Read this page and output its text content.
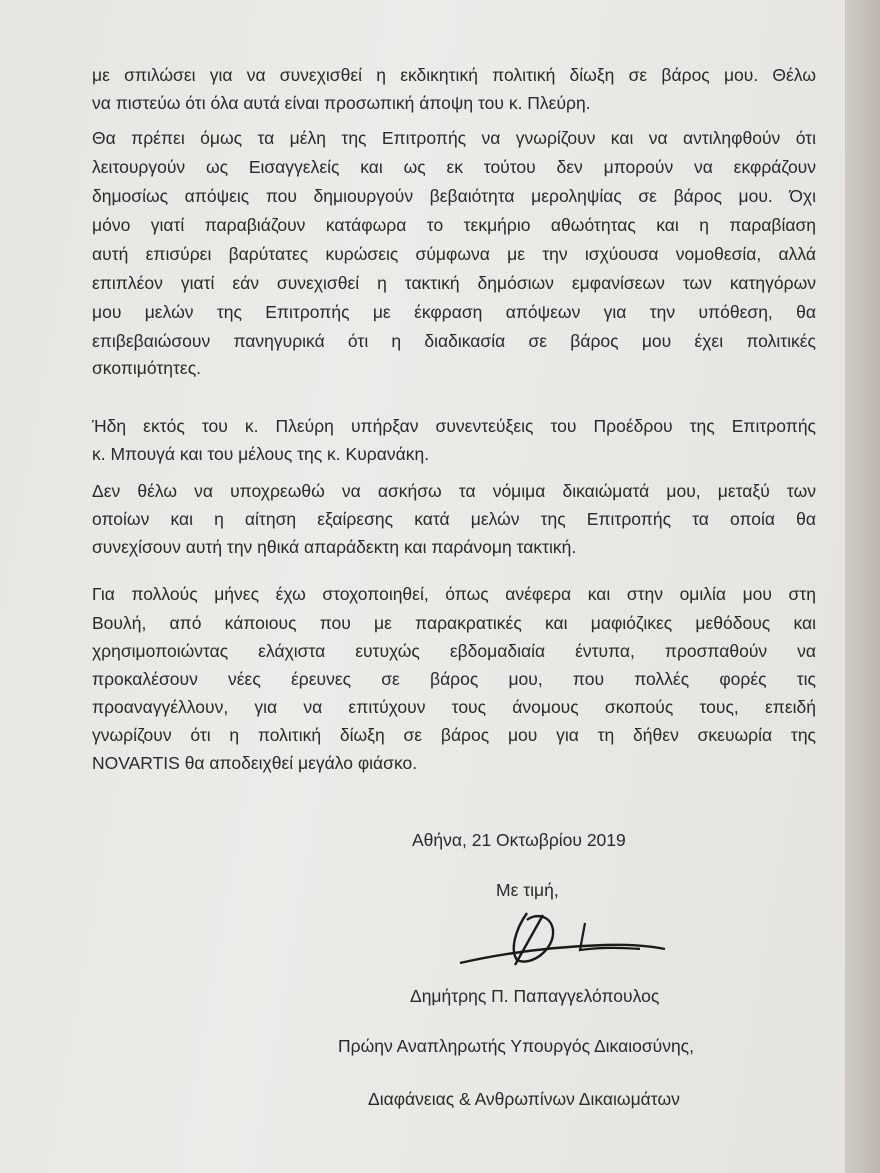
με σπιλώσει για να συνεχισθεί η εκδικητική πολιτική δίωξη σε βάρος μου. Θέλω
να πιστεύω ότι όλα αυτά είναι προσωπική άποψη του κ. Πλεύρη.
Θα πρέπει όμως τα μέλη της Επιτροπής να γνωρίζουν και να αντιληφθούν ότι
λειτουργούν ως Εισαγγελείς και ως εκ τούτου δεν μπορούν να εκφράζουν
δημοσίως απόψεις που δημιουργούν βεβαιότητα μεροληψίας σε βάρος μου. Όχι
μόνο γιατί παραβιάζουν κατάφωρα το τεκμήριο αθωότητας και η παραβίαση
αυτή επισύρει βαρύτατες κυρώσεις σύμφωνα με την ισχύουσα νομοθεσία, αλλά
επιπλέον γιατί εάν συνεχισθεί η τακτική δημόσιων εμφανίσεων των κατηγόρων
μου μελών της Επιτροπής με έκφραση απόψεων για την υπόθεση, θα
επιβεβαιώσουν πανηγυρικά ότι η διαδικασία σε βάρος μου έχει πολιτικές
σκοπιμότητες.
Ήδη εκτός του κ. Πλεύρη υπήρξαν συνεντεύξεις του Προέδρου της Επιτροπής
κ. Μπουγά και του μέλους της κ. Κυρανάκη.
Δεν θέλω να υποχρεωθώ να ασκήσω τα νόμιμα δικαιώματά μου, μεταξύ των
οποίων και η αίτηση εξαίρεσης κατά μελών της Επιτροπής τα οποία θα
συνεχίσουν αυτή την ηθικά απαράδεκτη και παράνομη τακτική.
Για πολλούς μήνες έχω στοχοποιηθεί, όπως ανέφερα και στην ομιλία μου στη
Βουλή, από κάποιους που με παρακρατικές και μαφιόζικες μεθόδους και
χρησιμοποιώντας ελάχιστα ευτυχώς εβδομαδιαία έντυπα, προσπαθούν να
προκαλέσουν νέες έρευνες σε βάρος μου, που πολλές φορές τις
προαναγγέλλουν, για να επιτύχουν τους άνομους σκοπούς τους, επειδή
γνωρίζουν ότι η πολιτική δίωξη σε βάρος μου για τη δήθεν σκευωρία της
NOVARTIS θα αποδειχθεί μεγάλο φιάσκο.
Αθήνα, 21 Οκτωβρίου 2019
Με τιμή,
Δημήτρης Π. Παπαγγελόπουλος
Πρώην Αναπληρωτής Υπουργός Δικαιοσύνης,
Διαφάνειας & Ανθρωπίνων Δικαιωμάτων
